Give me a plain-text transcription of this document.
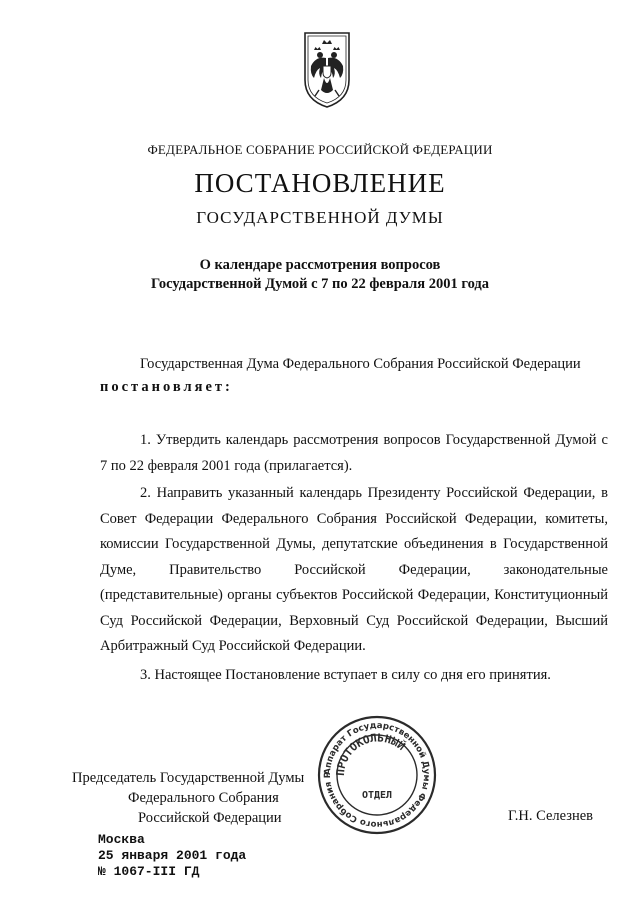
ФЕДЕРАЛЬНОЕ СОБРАНИЕ РОССИЙСКОЙ ФЕДЕРАЦИИ
ПОСТАНОВЛЕНИЕ
ГОСУДАРСТВЕННОЙ ДУМЫ
О календаре рассмотрения вопросов
Государственной Думой с 7 по 22 февраля 2001 года
Государственная Дума Федерального Собрания Российской Федерации
постановляет:
1. Утвердить календарь рассмотрения вопросов Государственной Думой с 7 по 22 февраля 2001 года (прилагается).
2. Направить указанный календарь Президенту Российской Федерации, в Совет Федерации Федерального Собрания Российской Федерации, комитеты, комиссии Государственной Думы, депутатские объединения в Государственной Думе, Правительство Российской Федерации, законодательные (представительные) органы субъектов Российской Федерации, Конституционный Суд Российской Федерации, Верховный Суд Российской Федерации, Высший Арбитражный Суд Российской Федерации.
3. Настоящее Постановление вступает в силу со дня его принятия.
Председатель Государственной Думы
Федерального Собрания
Российской Федерации	Г.Н. Селезнев
Аппарат Государственной Думы Федерального Собрания Р ПРОТОКОЛЬНЫЙ
ОТДЕЛ
Москва
25 января 2001 года
№ 1067-III ГД
